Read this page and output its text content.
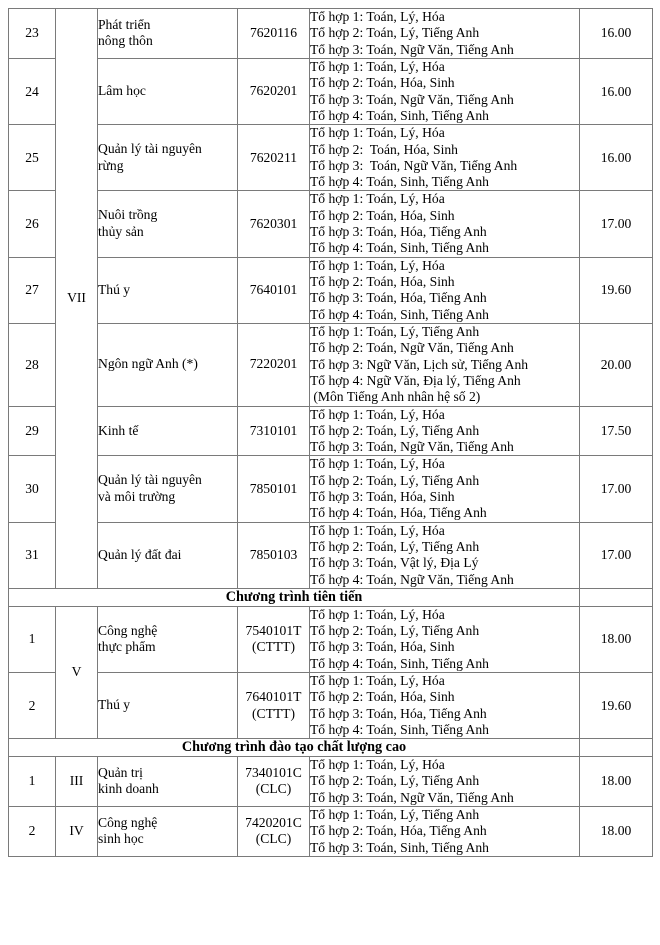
23	VII	Phát triển
nông thôn	7620116	Tổ hợp 1: Toán, Lý, Hóa
Tổ hợp 2: Toán, Lý, Tiếng Anh
Tổ hợp 3: Toán, Ngữ Văn, Tiếng Anh	16.00
24		Lâm học	7620201	Tổ hợp 1: Toán, Lý, Hóa
Tổ hợp 2: Toán, Hóa, Sinh
Tổ hợp 3: Toán, Ngữ Văn, Tiếng Anh
Tổ hợp 4: Toán, Sinh, Tiếng Anh	16.00
25		Quản lý tài nguyên
rừng	7620211	Tổ hợp 1: Toán, Lý, Hóa
Tổ hợp 2:  Toán, Hóa, Sinh
Tổ hợp 3:  Toán, Ngữ Văn, Tiếng Anh
Tổ hợp 4: Toán, Sinh, Tiếng Anh	16.00
26		Nuôi trồng
thủy sản	7620301	Tổ hợp 1: Toán, Lý, Hóa
Tổ hợp 2: Toán, Hóa, Sinh
Tổ hợp 3: Toán, Hóa, Tiếng Anh
Tổ hợp 4: Toán, Sinh, Tiếng Anh	17.00
27		Thú y	7640101	Tổ hợp 1: Toán, Lý, Hóa
Tổ hợp 2: Toán, Hóa, Sinh
Tổ hợp 3: Toán, Hóa, Tiếng Anh
Tổ hợp 4: Toán, Sinh, Tiếng Anh	19.60
28		Ngôn ngữ Anh (*)	7220201	Tổ hợp 1: Toán, Lý, Tiếng Anh
Tổ hợp 2: Toán, Ngữ Văn, Tiếng Anh
Tổ hợp 3: Ngữ Văn, Lịch sử, Tiếng Anh
Tổ hợp 4: Ngữ Văn, Địa lý, Tiếng Anh
(Môn Tiếng Anh nhân hệ số 2)	20.00
29		Kinh tế	7310101	Tổ hợp 1: Toán, Lý, Hóa
Tổ hợp 2: Toán, Lý, Tiếng Anh
Tổ hợp 3: Toán, Ngữ Văn, Tiếng Anh	17.50
30		Quản lý tài nguyên
và môi trường	7850101	Tổ hợp 1: Toán, Lý, Hóa
Tổ hợp 2: Toán, Lý, Tiếng Anh
Tổ hợp 3: Toán, Hóa, Sinh
Tổ hợp 4: Toán, Hóa, Tiếng Anh	17.00
31		Quản lý đất đai	7850103	Tổ hợp 1: Toán, Lý, Hóa
Tổ hợp 2: Toán, Lý, Tiếng Anh
Tổ hợp 3: Toán, Vật lý, Địa Lý
Tổ hợp 4: Toán, Ngữ Văn, Tiếng Anh	17.00
Chương trình tiên tiến					
1	V	Công nghệ
thực phẩm	7540101T
(CTTT)	Tổ hợp 1: Toán, Lý, Hóa
Tổ hợp 2: Toán, Lý, Tiếng Anh
Tổ hợp 3: Toán, Hóa, Sinh
Tổ hợp 4: Toán, Sinh, Tiếng Anh	18.00
2		Thú y	7640101T
(CTTT)	Tổ hợp 1: Toán, Lý, Hóa
Tổ hợp 2: Toán, Hóa, Sinh
Tổ hợp 3: Toán, Hóa, Tiếng Anh
Tổ hợp 4: Toán, Sinh, Tiếng Anh	19.60
Chương trình đào tạo chất lượng cao					
1	III	Quản trị
kinh doanh	7340101C
(CLC)	Tổ hợp 1: Toán, Lý, Hóa
Tổ hợp 2: Toán, Lý, Tiếng Anh
Tổ hợp 3: Toán, Ngữ Văn, Tiếng Anh	18.00
2	IV	Công nghệ
sinh học	7420201C
(CLC)	Tổ hợp 1: Toán, Lý, Tiếng Anh
Tổ hợp 2: Toán, Hóa, Tiếng Anh
Tổ hợp 3: Toán, Sinh, Tiếng Anh	18.00
